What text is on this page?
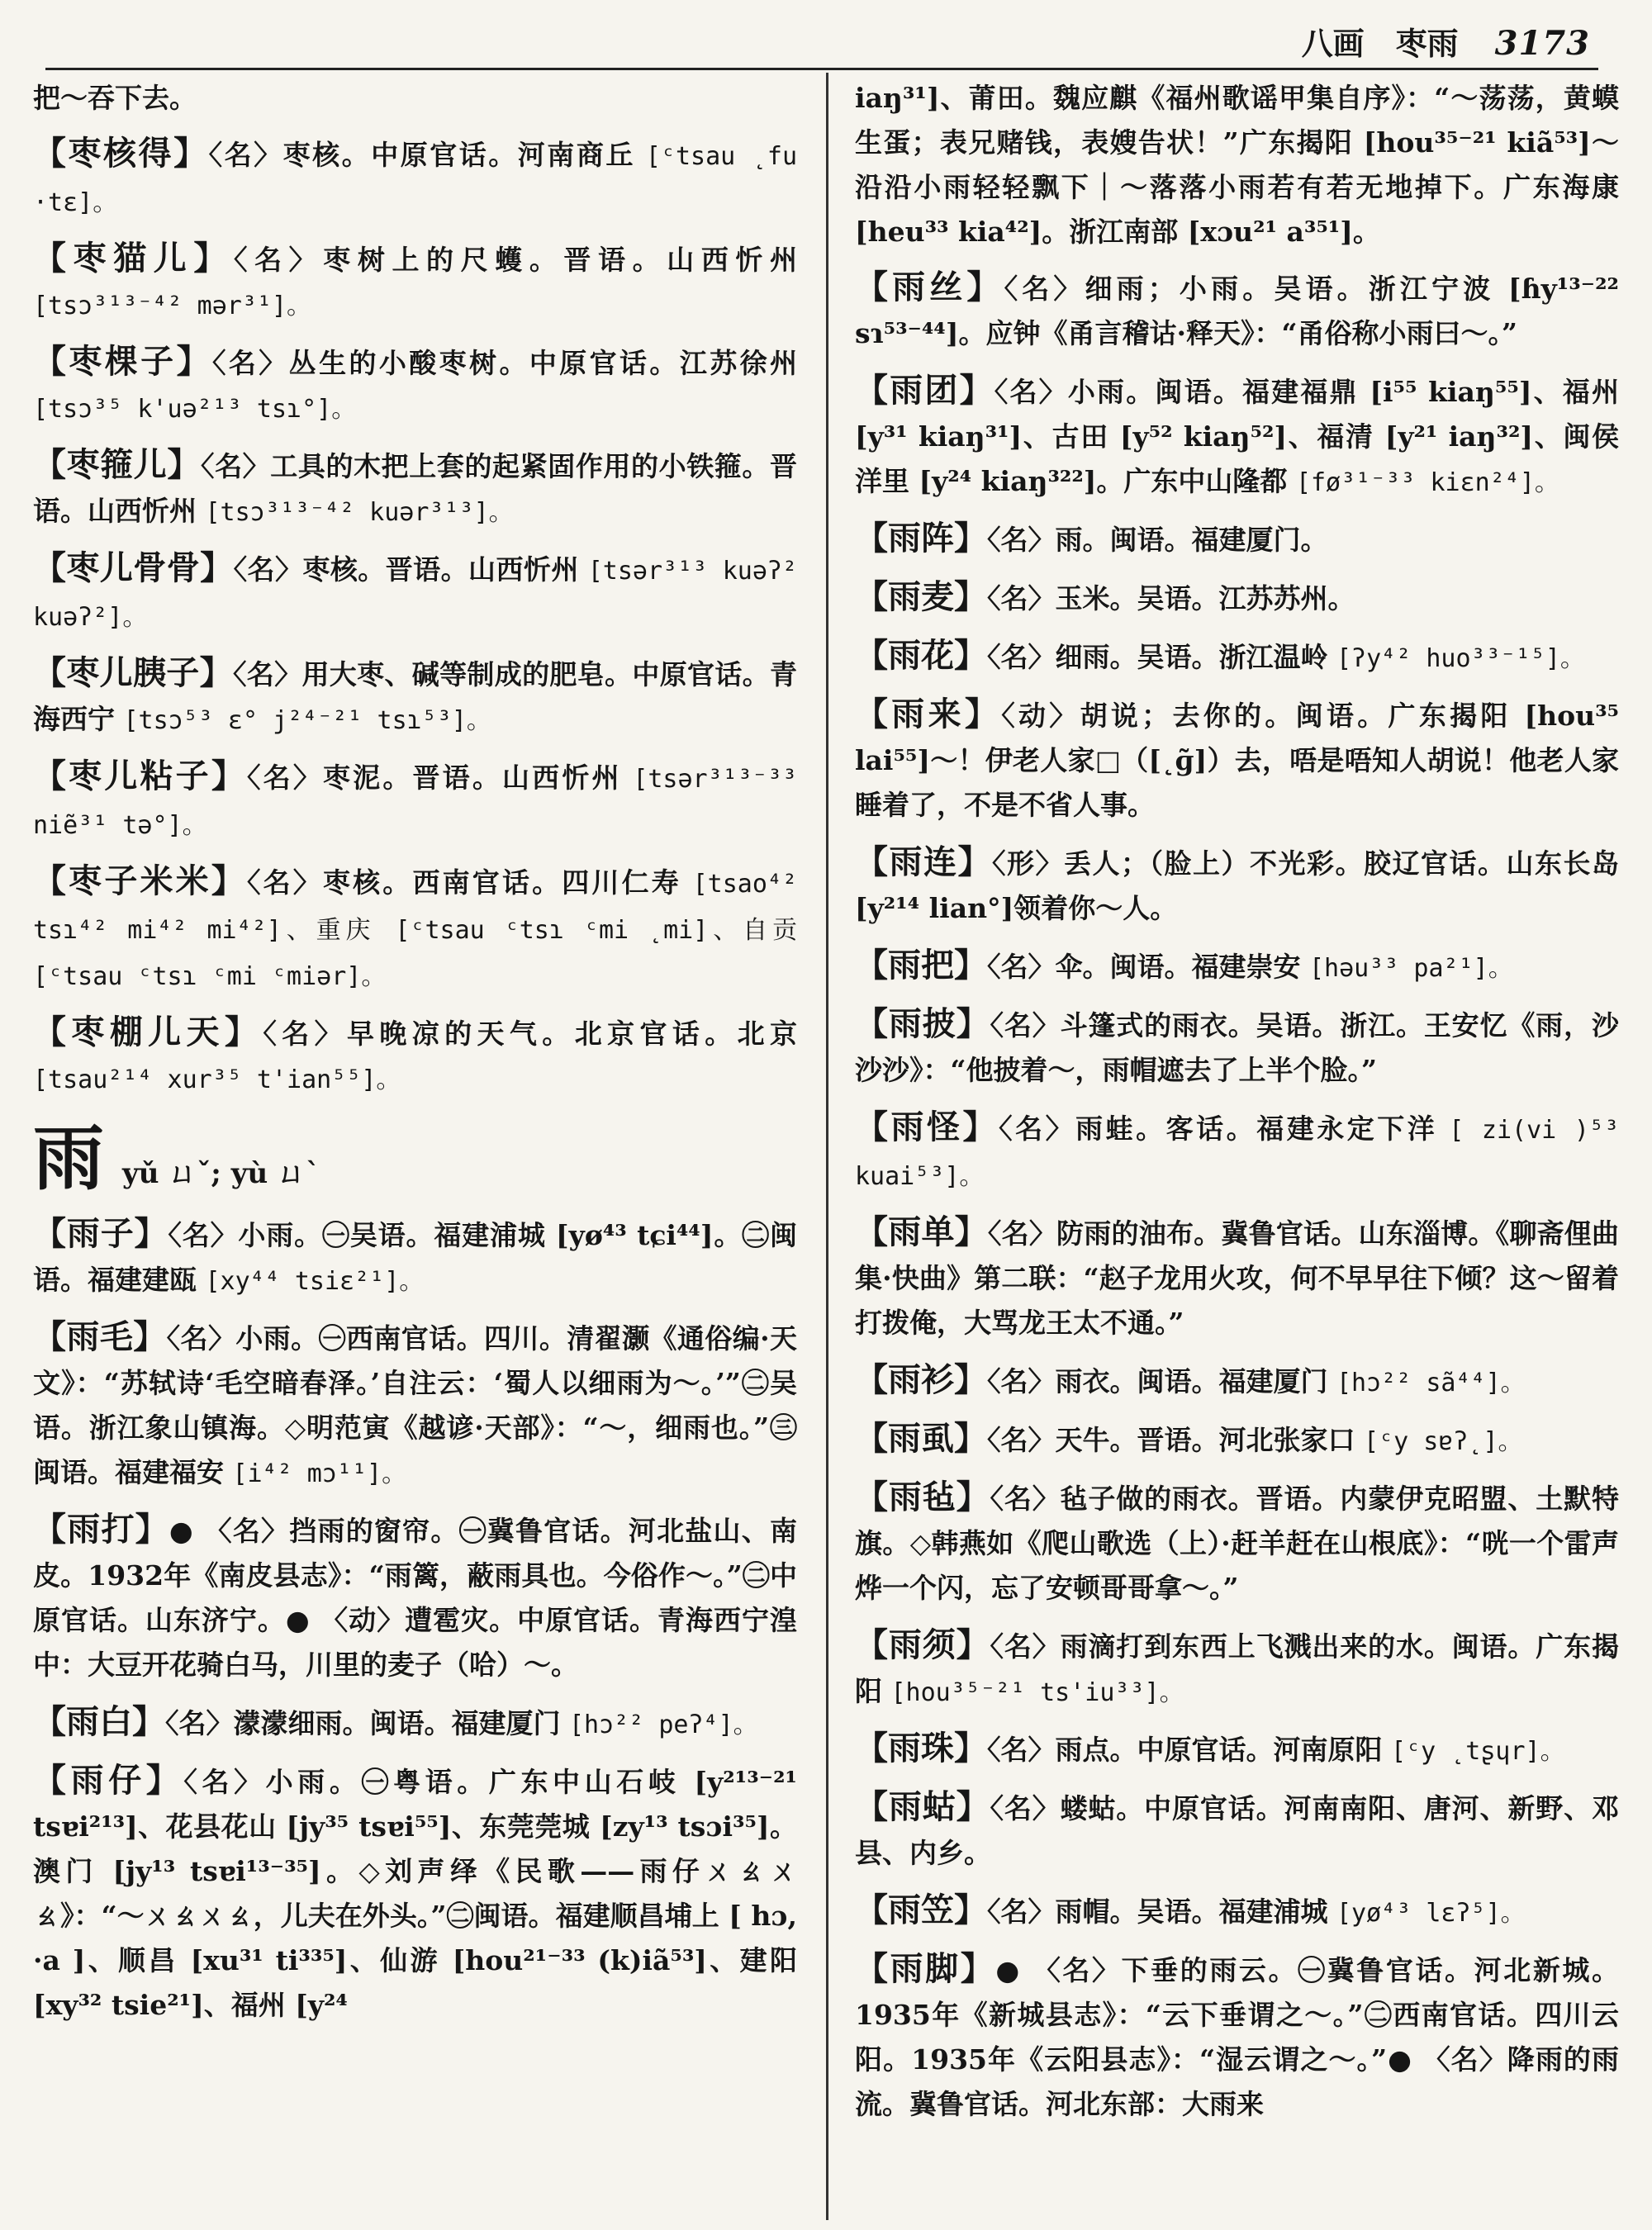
八画　枣雨 3173
把～吞下去。
【枣核得】〈名〉枣核。中原官话。河南商丘 [ᶜtsau ˛fu ·tɛ]。
【枣猫儿】〈名〉枣树上的尺蠖。晋语。山西忻州 [tsɔ³¹³⁻⁴² mər³¹]。
【枣棵子】〈名〉丛生的小酸枣树。中原官话。江苏徐州 [tsɔ³⁵ k'uə²¹³ tsɿ°]。
【枣箍儿】〈名〉工具的木把上套的起紧固作用的小铁箍。晋语。山西忻州 [tsɔ³¹³⁻⁴² kuər³¹³]。
【枣儿骨骨】〈名〉枣核。晋语。山西忻州 [tsər³¹³ kuəʔ² kuəʔ²]。
【枣儿胰子】〈名〉用大枣、碱等制成的肥皂。中原官话。青海西宁 [tsɔ⁵³ ɛ° j²⁴⁻²¹ tsɿ⁵³]。
【枣儿粘子】〈名〉枣泥。晋语。山西忻州 [tsər³¹³⁻³³ niẽ³¹ tə°]。
【枣子米米】〈名〉枣核。西南官话。四川仁寿 [tsao⁴² tsɿ⁴² mi⁴² mi⁴²]、重庆 [ᶜtsau ᶜtsɿ ᶜmi ˛mi]、自贡 [ᶜtsau ᶜtsɿ ᶜmi ᶜmiər]。
【枣棚儿天】〈名〉早晚凉的天气。北京官话。北京 [tsau²¹⁴ xur³⁵ t'ian⁵⁵]。
雨 yǔ ㄩˇ; yù ㄩˋ
【雨子】〈名〉小雨。㊀吴语。福建浦城 [yø⁴³ tɕi⁴⁴]。㊁闽语。福建建瓯 [xy⁴⁴ tsiɛ²¹]。
【雨毛】〈名〉小雨。㊀西南官话。四川。清翟灏《通俗编·天文》：“苏轼诗‘毛空暗春泽。’自注云：‘蜀人以细雨为～。’”㊁吴语。浙江象山镇海。◇明范寅《越谚·天部》：“～，细雨也。”㊂闽语。福建福安 [i⁴² mɔ¹¹]。
【雨打】● 〈名〉挡雨的窗帘。㊀冀鲁官话。河北盐山、南皮。1932年《南皮县志》：“雨篱，蔽雨具也。今俗作～。”㊁中原官话。山东济宁。● 〈动〉遭雹灾。中原官话。青海西宁湟中：大豆开花骑白马，川里的麦子（哈）～。
【雨白】〈名〉濛濛细雨。闽语。福建厦门 [hɔ²² peʔ⁴]。
【雨仔】〈名〉小雨。㊀粤语。广东中山石岐 [y²¹³⁻²¹ tsɐi²¹³]、花县花山 [jy³⁵ tsɐi⁵⁵]、东莞莞城 [zy¹³ tsɔi³⁵]。澳门 [jy¹³ tsɐi¹³⁻³⁵]。◇刘声绎《民歌——雨仔ㄨㄠㄨㄠ》：“～ㄨㄠㄨㄠ，儿夫在外头。”㊁闽语。福建顺昌埔上 [ hɔ, ·a ]、顺昌 [xu³¹ ti³³⁵]、仙游 [hou²¹⁻³³ (k)iã⁵³]、建阳 [xy³² tsie²¹]、福州 [y²⁴
iaŋ³¹]、莆田。魏应麒《福州歌谣甲集自序》：“～荡荡，黄蟆生蛋；表兄赌钱，表嫂告状！”广东揭阳 [hou³⁵⁻²¹ kiã⁵³]～沿沿小雨轻轻飘下｜～落落小雨若有若无地掉下。广东海康 [heu³³ kia⁴²]。浙江南部 [xɔu²¹ a³⁵¹]。
【雨丝】〈名〉细雨；小雨。吴语。浙江宁波 [ɦy¹³⁻²² sɿ⁵³⁻⁴⁴]。应钟《甬言稽诂·释天》：“甬俗称小雨曰～。”
【雨团】〈名〉小雨。闽语。福建福鼎 [i⁵⁵ kiaŋ⁵⁵]、福州 [y³¹ kiaŋ³¹]、古田 [y⁵² kiaŋ⁵²]、福清 [y²¹ iaŋ³²]、闽侯洋里 [y²⁴ kiaŋ³²²]。广东中山隆都 [fø³¹⁻³³ kiɛn²⁴]。
【雨阵】〈名〉雨。闽语。福建厦门。
【雨麦】〈名〉玉米。吴语。江苏苏州。
【雨花】〈名〉细雨。吴语。浙江温岭 [ʔy⁴² huo³³⁻¹⁵]。
【雨来】〈动〉胡说；去你的。闽语。广东揭阳 [hou³⁵ lai⁵⁵]～！伊老人家□（[˛ɡ̃]）去，唔是唔知人胡说！他老人家睡着了，不是不省人事。
【雨连】〈形〉丢人；（脸上）不光彩。胶辽官话。山东长岛 [y²¹⁴ lian°]领着你～人。
【雨把】〈名〉伞。闽语。福建崇安 [həu³³ pa²¹]。
【雨披】〈名〉斗篷式的雨衣。吴语。浙江。王安忆《雨，沙沙沙》：“他披着～，雨帽遮去了上半个脸。”
【雨怪】〈名〉雨蛙。客话。福建永定下洋 [ zi(vi )⁵³ kuai⁵³]。
【雨单】〈名〉防雨的油布。冀鲁官话。山东淄博。《聊斋俚曲集·快曲》第二联：“赵子龙用火攻，何不早早往下倾？这～留着打拨俺，大骂龙王太不通。”
【雨衫】〈名〉雨衣。闽语。福建厦门 [hɔ²² sã⁴⁴]。
【雨虱】〈名〉天牛。晋语。河北张家口 [ᶜy sɐʔ˛]。
【雨毡】〈名〉毡子做的雨衣。晋语。内蒙伊克昭盟、土默特旗。◇韩燕如《爬山歌选（上）·赶羊赶在山根底》：“咣一个雷声烨一个闪，忘了安顿哥哥拿～。”
【雨须】〈名〉雨滴打到东西上飞溅出来的水。闽语。广东揭阳 [hou³⁵⁻²¹ ts'iu³³]。
【雨珠】〈名〉雨点。中原官话。河南原阳 [ᶜy ˛tʂɥr]。
【雨蛄】〈名〉蝼蛄。中原官话。河南南阳、唐河、新野、邓县、内乡。
【雨笠】〈名〉雨帽。吴语。福建浦城 [yø⁴³ lɛʔ⁵]。
【雨脚】● 〈名〉下垂的雨云。㊀冀鲁官话。河北新城。1935年《新城县志》：“云下垂谓之～。”㊁西南官话。四川云阳。1935年《云阳县志》：“湿云谓之～。”● 〈名〉降雨的雨流。冀鲁官话。河北东部：大雨来
